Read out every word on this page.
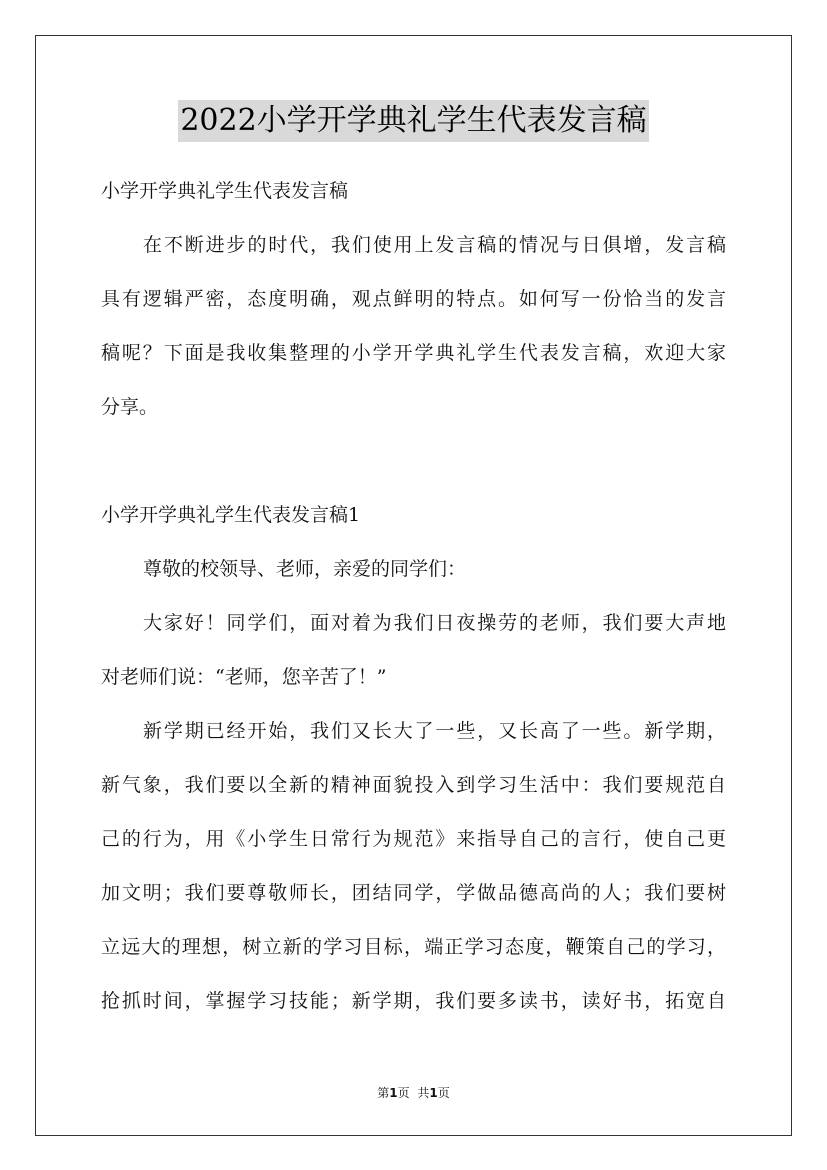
2022小学开学典礼学生代表发言稿
小学开学典礼学生代表发言稿
在不断进步的时代，我们使用上发言稿的情况与日俱增，发言稿
具有逻辑严密，态度明确，观点鲜明的特点。如何写一份恰当的发言
稿呢？下面是我收集整理的小学开学典礼学生代表发言稿，欢迎大家
分享。
小学开学典礼学生代表发言稿1
尊敬的校领导、老师，亲爱的同学们：
大家好！同学们，面对着为我们日夜操劳的老师，我们要大声地
对老师们说：“老师，您辛苦了！”
新学期已经开始，我们又长大了一些，又长高了一些。新学期，
新气象，我们要以全新的精神面貌投入到学习生活中：我们要规范自
己的行为，用《小学生日常行为规范》来指导自己的言行，使自己更
加文明；我们要尊敬师长，团结同学，学做品德高尚的人；我们要树
立远大的理想，树立新的学习目标，端正学习态度，鞭策自己的学习，
抢抓时间，掌握学习技能；新学期，我们要多读书，读好书，拓宽自
第1页 共1页
